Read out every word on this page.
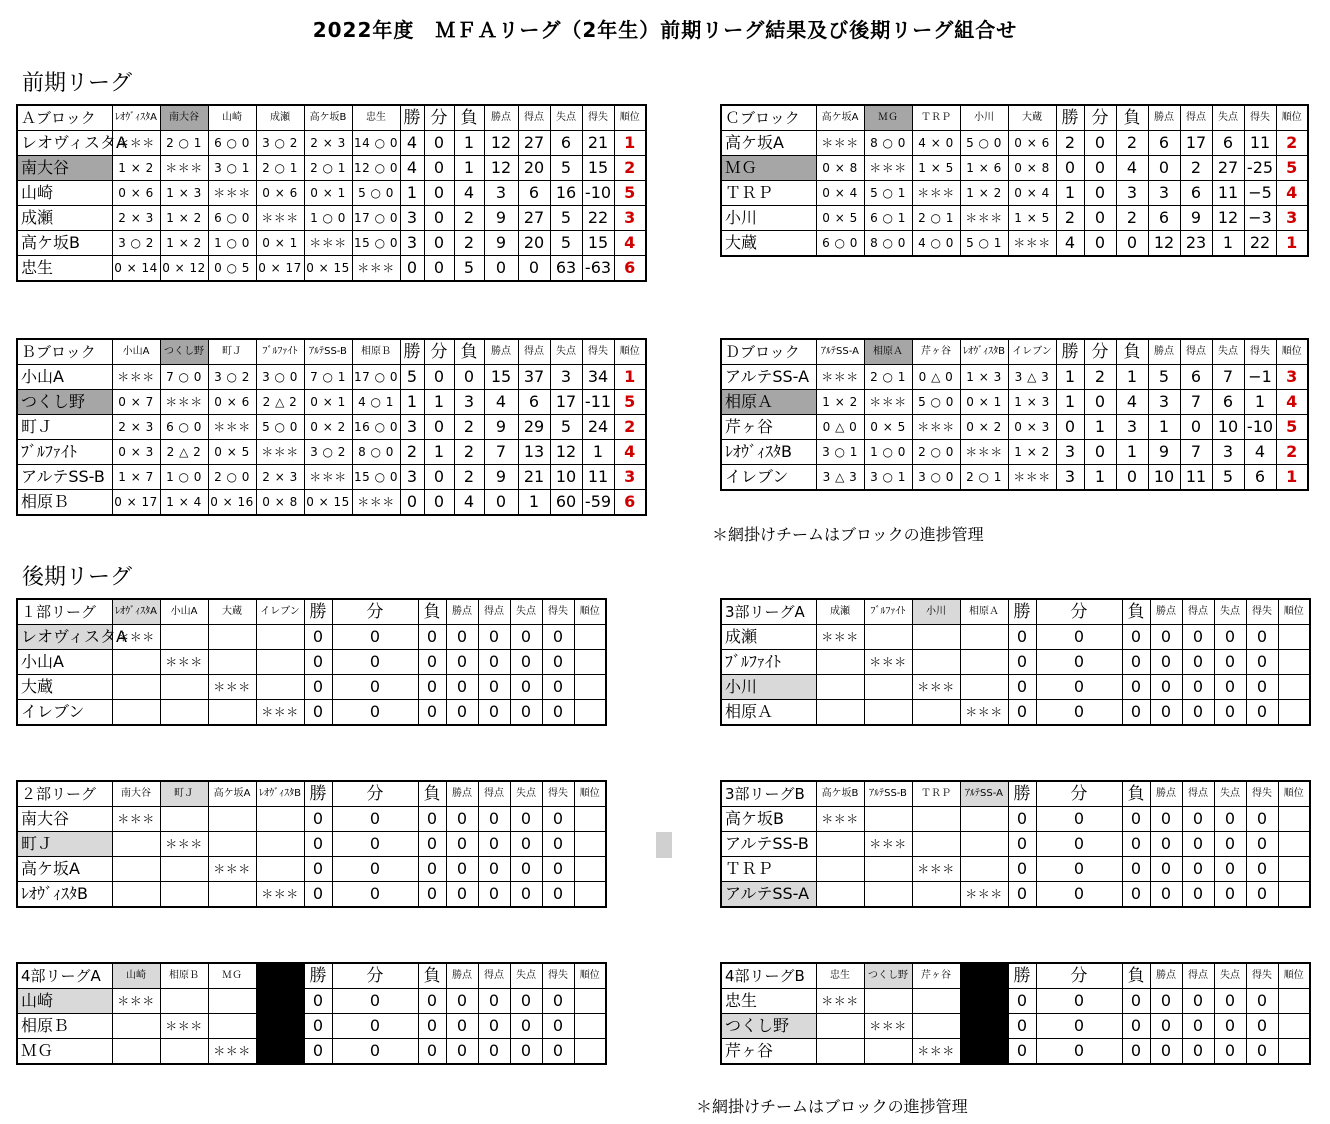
2022年度　ＭＦＡリーグ（2年生）前期リーグ結果及び後期リーグ組合せ
前期リーグ
後期リーグ
＊網掛けチームはブロックの進捗管理
＊網掛けチームはブロックの進捗管理
Ａブロック	ﾚｵｳﾞｨｽﾀA	南大谷	山崎	成瀬	高ケ坂B	忠生	勝	分	負	勝点	得点	失点	得失	順位
レオヴィスタA	＊＊＊	2 ○ 1	6 ○ 0	3 ○ 2	2 × 3	14 ○ 0	4	0	1	12	27	6	21	1
南大谷	1 × 2	＊＊＊	3 ○ 1	2 ○ 1	2 ○ 1	12 ○ 0	4	0	1	12	20	5	15	2
山崎	0 × 6	1 × 3	＊＊＊	0 × 6	0 × 1	5 ○ 0	1	0	4	3	6	16	-10	5
成瀬	2 × 3	1 × 2	6 ○ 0	＊＊＊	1 ○ 0	17 ○ 0	3	0	2	9	27	5	22	3
高ケ坂B	3 ○ 2	1 × 2	1 ○ 0	0 × 1	＊＊＊	15 ○ 0	3	0	2	9	20	5	15	4
忠生	0 × 14	0 × 12	0 ○ 5	0 × 17	0 × 15	＊＊＊	0	0	5	0	0	63	-63	6
Ｃブロック	高ケ坂A	ＭＧ	ＴＲＰ	小川	大蔵	勝	分	負	勝点	得点	失点	得失	順位
高ケ坂A	＊＊＊	8 ○ 0	4 × 0	5 ○ 0	0 × 6	2	0	2	6	17	6	11	2
ＭＧ	0 × 8	＊＊＊	1 × 5	1 × 6	0 × 8	0	0	4	0	2	27	-25	5
ＴＲＰ	0 × 4	5 ○ 1	＊＊＊	1 × 2	0 × 4	1	0	3	3	6	11	−5	4
小川	0 × 5	6 ○ 1	2 ○ 1	＊＊＊	1 × 5	2	0	2	6	9	12	−3	3
大蔵	6 ○ 0	8 ○ 0	4 ○ 0	5 ○ 1	＊＊＊	4	0	0	12	23	1	22	1
Ｂブロック	小山A	つくし野	町Ｊ	ﾌﾞﾙﾌｧｲﾄ	ｱﾙﾃSS-B	相原Ｂ	勝	分	負	勝点	得点	失点	得失	順位
小山A	＊＊＊	7 ○ 0	3 ○ 2	3 ○ 0	7 ○ 1	17 ○ 0	5	0	0	15	37	3	34	1
つくし野	0 × 7	＊＊＊	0 × 6	2 △ 2	0 × 1	4 ○ 1	1	1	3	4	6	17	-11	5
町Ｊ	2 × 3	6 ○ 0	＊＊＊	5 ○ 0	0 × 2	16 ○ 0	3	0	2	9	29	5	24	2
ﾌﾞﾙﾌｧｲﾄ	0 × 3	2 △ 2	0 × 5	＊＊＊	3 ○ 2	8 ○ 0	2	1	2	7	13	12	1	4
アルテSS-B	1 × 7	1 ○ 0	2 ○ 0	2 × 3	＊＊＊	15 ○ 0	3	0	2	9	21	10	11	3
相原Ｂ	0 × 17	1 × 4	0 × 16	0 × 8	0 × 15	＊＊＊	0	0	4	0	1	60	-59	6
Ｄブロック	ｱﾙﾃSS-A	相原Ａ	芹ヶ谷	ﾚｵｳﾞｨｽﾀB	イレブン	勝	分	負	勝点	得点	失点	得失	順位
アルテSS-A	＊＊＊	2 ○ 1	0 △ 0	1 × 3	3 △ 3	1	2	1	5	6	7	−1	3
相原Ａ	1 × 2	＊＊＊	5 ○ 0	0 × 1	1 × 3	1	0	4	3	7	6	1	4
芹ヶ谷	0 △ 0	0 × 5	＊＊＊	0 × 2	0 × 3	0	1	3	1	0	10	-10	5
ﾚｵｳﾞｨｽﾀB	3 ○ 1	1 ○ 0	2 ○ 0	＊＊＊	1 × 2	3	0	1	9	7	3	4	2
イレブン	3 △ 3	3 ○ 1	3 ○ 0	2 ○ 1	＊＊＊	3	1	0	10	11	5	6	1
１部リーグ	ﾚｵｳﾞｨｽﾀA	小山A	大蔵	イレブン	勝	分	負	勝点	得点	失点	得失	順位
レオヴィスタA	＊＊＊				0	0	0	0	0	0	0	
小山A		＊＊＊			0	0	0	0	0	0	0	
大蔵			＊＊＊		0	0	0	0	0	0	0	
イレブン				＊＊＊	0	0	0	0	0	0	0	
3部リーグA	成瀬	ﾌﾞﾙﾌｧｲﾄ	小川	相原Ａ	勝	分	負	勝点	得点	失点	得失	順位
成瀬	＊＊＊				0	0	0	0	0	0	0	
ﾌﾞﾙﾌｧｲﾄ		＊＊＊			0	0	0	0	0	0	0	
小川			＊＊＊		0	0	0	0	0	0	0	
相原Ａ				＊＊＊	0	0	0	0	0	0	0	
２部リーグ	南大谷	町Ｊ	高ケ坂A	ﾚｵｳﾞｨｽﾀB	勝	分	負	勝点	得点	失点	得失	順位
南大谷	＊＊＊				0	0	0	0	0	0	0	
町Ｊ		＊＊＊			0	0	0	0	0	0	0	
高ケ坂A			＊＊＊		0	0	0	0	0	0	0	
ﾚｵｳﾞｨｽﾀB				＊＊＊	0	0	0	0	0	0	0	
3部リーグB	高ケ坂B	ｱﾙﾃSS-B	ＴＲＰ	ｱﾙﾃSS-A	勝	分	負	勝点	得点	失点	得失	順位
高ケ坂B	＊＊＊				0	0	0	0	0	0	0	
アルテSS-B		＊＊＊			0	0	0	0	0	0	0	
ＴＲＰ			＊＊＊		0	0	0	0	0	0	0	
アルテSS-A				＊＊＊	0	0	0	0	0	0	0	
4部リーグA	山崎	相原Ｂ	ＭＧ		勝	分	負	勝点	得点	失点	得失	順位
山崎	＊＊＊				0	0	0	0	0	0	0	
相原Ｂ		＊＊＊			0	0	0	0	0	0	0	
ＭＧ			＊＊＊		0	0	0	0	0	0	0	
4部リーグB	忠生	つくし野	芹ヶ谷		勝	分	負	勝点	得点	失点	得失	順位
忠生	＊＊＊				0	0	0	0	0	0	0	
つくし野		＊＊＊			0	0	0	0	0	0	0	
芹ヶ谷			＊＊＊		0	0	0	0	0	0	0	
